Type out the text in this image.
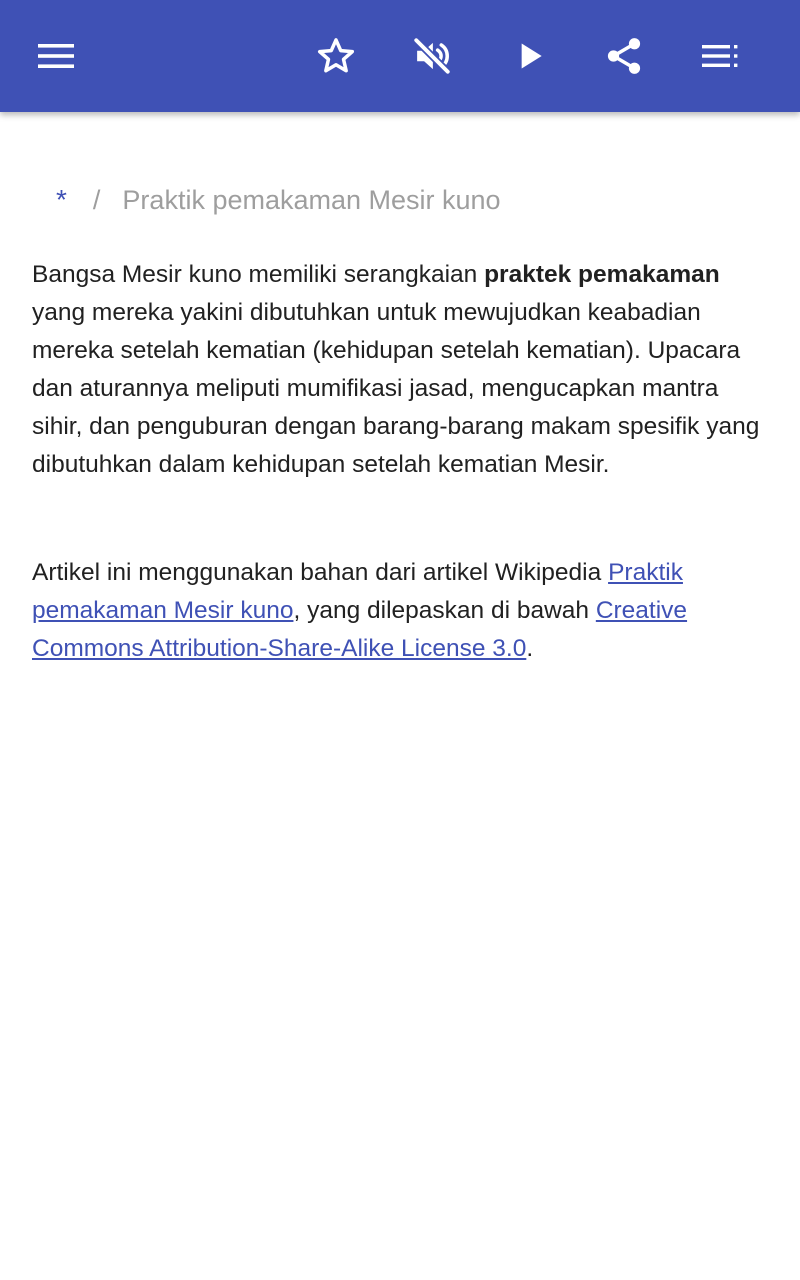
* / Praktik pemakaman Mesir kuno

Bangsa Mesir kuno memiliki serangkaian praktek pemakaman yang mereka yakini dibutuhkan untuk mewujudkan keabadian mereka setelah kematian (kehidupan setelah kematian). Upacara dan aturannya meliputi mumifikasi jasad, mengucapkan mantra sihir, dan penguburan dengan barang-barang makam spesifik yang dibutuhkan dalam kehidupan setelah kematian Mesir.

Artikel ini menggunakan bahan dari artikel Wikipedia Praktik pemakaman Mesir kuno, yang dilepaskan di bawah Creative Commons Attribution-Share-Alike License 3.0.
